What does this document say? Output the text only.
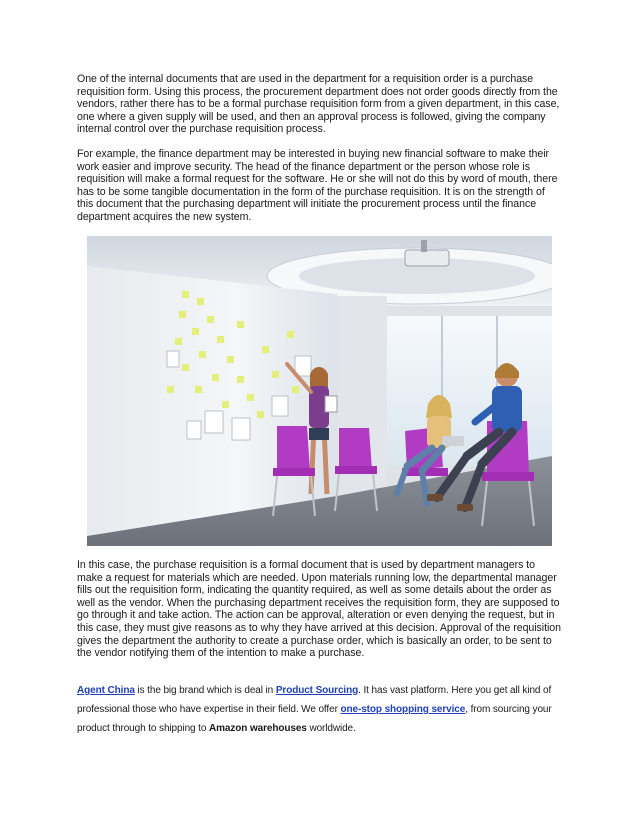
One of the internal documents that are used in the department for a requisition order is a purchase requisition form. Using this process, the procurement department does not order goods directly from the vendors, rather there has to be a formal purchase requisition form from a given department, in this case, one where a given supply will be used, and then an approval process is followed, giving the company internal control over the purchase requisition process.

For example, the finance department may be interested in buying new financial software to make their work easier and improve security. The head of the finance department or the person whose role is requisition will make a formal request for the software. He or she will not do this by word of mouth, there has to be some tangible documentation in the form of the purchase requisition. It is on the strength of this document that the purchasing department will initiate the procurement process until the finance department acquires the new system.

In this case, the purchase requisition is a formal document that is used by department managers to make a request for materials which are needed. Upon materials running low, the departmental manager fills out the requisition form, indicating the quantity required, as well as some details about the order as well as the vendor. When the purchasing department receives the requisition form, they are supposed to go through it and take action. The action can be approval, alteration or even denying the request, but in this case, they must give reasons as to why they have arrived at this decision. Approval of the requisition gives the department the authority to create a purchase order, which is basically an order, to be sent to the vendor notifying them of the intention to make a purchase.

Agent China is the big brand which is deal in Product Sourcing. It has vast platform. Here you get all kind of professional those who have expertise in their field. We offer one-stop shopping service, from sourcing your product through to shipping to Amazon warehouses worldwide.
